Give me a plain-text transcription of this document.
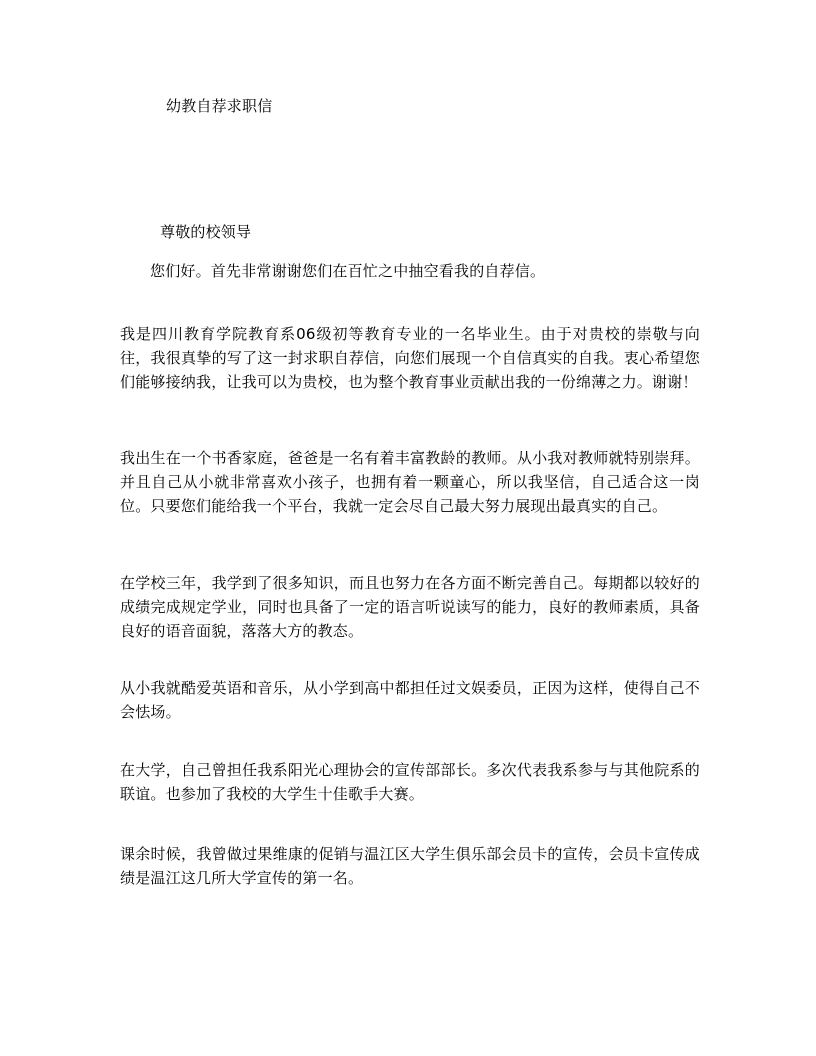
幼教自荐求职信
尊敬的校领导
您们好。首先非常谢谢您们在百忙之中抽空看我的自荐信。
我是四川教育学院教育系06级初等教育专业的一名毕业生。由于对贵校的崇敬与向往，我很真挚的写了这一封求职自荐信，向您们展现一个自信真实的自我。衷心希望您们能够接纳我，让我可以为贵校，也为整个教育事业贡献出我的一份绵薄之力。谢谢！
我出生在一个书香家庭，爸爸是一名有着丰富教龄的教师。从小我对教师就特别崇拜。并且自己从小就非常喜欢小孩子，也拥有着一颗童心，所以我坚信，自己适合这一岗位。只要您们能给我一个平台，我就一定会尽自己最大努力展现出最真实的自己。
在学校三年，我学到了很多知识，而且也努力在各方面不断完善自己。每期都以较好的成绩完成规定学业，同时也具备了一定的语言听说读写的能力，良好的教师素质，具备良好的语音面貌，落落大方的教态。
从小我就酷爱英语和音乐，从小学到高中都担任过文娱委员，正因为这样，使得自己不会怯场。
在大学，自己曾担任我系阳光心理协会的宣传部部长。多次代表我系参与与其他院系的联谊。也参加了我校的大学生十佳歌手大赛。
课余时候，我曾做过果维康的促销与温江区大学生俱乐部会员卡的宣传，会员卡宣传成绩是温江这几所大学宣传的第一名。
